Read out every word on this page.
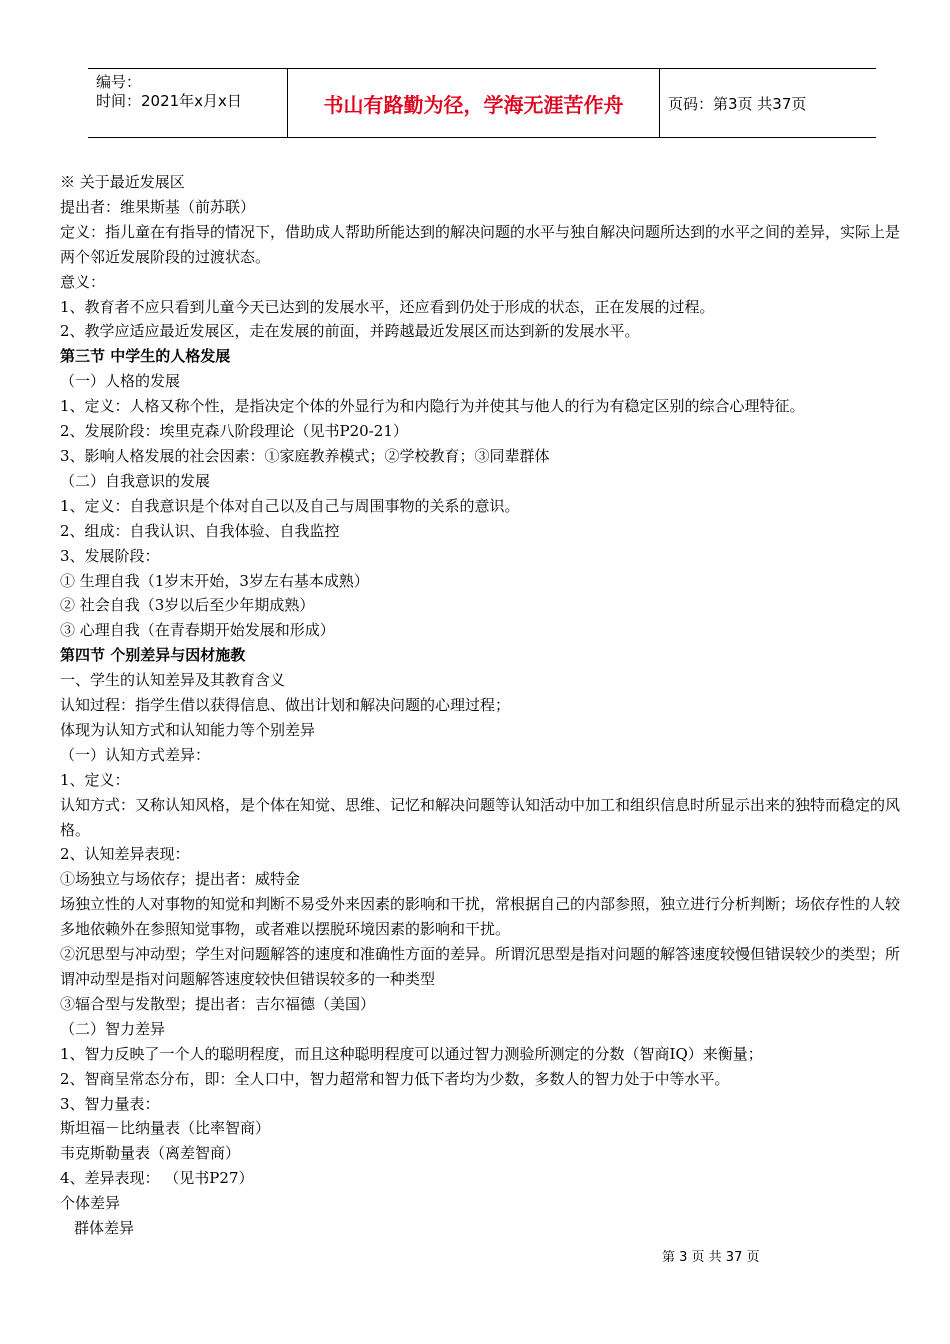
编号：
时间：2021年x月x日	书山有路勤为径，学海无涯苦作舟	页码：第3页 共37页
※ 关于最近发展区
提出者：维果斯基（前苏联）
定义：指儿童在有指导的情况下，借助成人帮助所能达到的解决问题的水平与独自解决问题所达到的水平之间的差异，实际上是两个邻近发展阶段的过渡状态。
意义：
1、教育者不应只看到儿童今天已达到的发展水平，还应看到仍处于形成的状态，正在发展的过程。
2、教学应适应最近发展区，走在发展的前面，并跨越最近发展区而达到新的发展水平。
第三节 中学生的人格发展
（一）人格的发展
1、定义：人格又称个性，是指决定个体的外显行为和内隐行为并使其与他人的行为有稳定区别的综合心理特征。
2、发展阶段：埃里克森八阶段理论（见书P20-21）
3、影响人格发展的社会因素：①家庭教养模式；②学校教育；③同辈群体
（二）自我意识的发展
1、定义：自我意识是个体对自己以及自己与周围事物的关系的意识。
2、组成：自我认识、自我体验、自我监控
3、发展阶段：
① 生理自我（1岁末开始，3岁左右基本成熟）
② 社会自我（3岁以后至少年期成熟）
③ 心理自我（在青春期开始发展和形成）
第四节 个别差异与因材施教
一、学生的认知差异及其教育含义
认知过程：指学生借以获得信息、做出计划和解决问题的心理过程；
体现为认知方式和认知能力等个别差异
（一）认知方式差异：
1、定义：
认知方式：又称认知风格，是个体在知觉、思维、记忆和解决问题等认知活动中加工和组织信息时所显示出来的独特而稳定的风格。
2、认知差异表现：
①场独立与场依存；提出者：威特金
场独立性的人对事物的知觉和判断不易受外来因素的影响和干扰，常根据自己的内部参照，独立进行分析判断；场依存性的人较多地依赖外在参照知觉事物，或者难以摆脱环境因素的影响和干扰。
②沉思型与冲动型；学生对问题解答的速度和准确性方面的差异。所谓沉思型是指对问题的解答速度较慢但错误较少的类型；所谓冲动型是指对问题解答速度较快但错误较多的一种类型
③辐合型与发散型；提出者：吉尔福德（美国）
（二）智力差异
1、智力反映了一个人的聪明程度，而且这种聪明程度可以通过智力测验所测定的分数（智商IQ）来衡量；
2、智商呈常态分布，即：全人口中，智力超常和智力低下者均为少数，多数人的智力处于中等水平。
3、智力量表：
斯坦福－比纳量表（比率智商）
韦克斯勒量表（离差智商）
4、差异表现： （见书P27）
个体差异
群体差异
第 3 页 共 37 页
